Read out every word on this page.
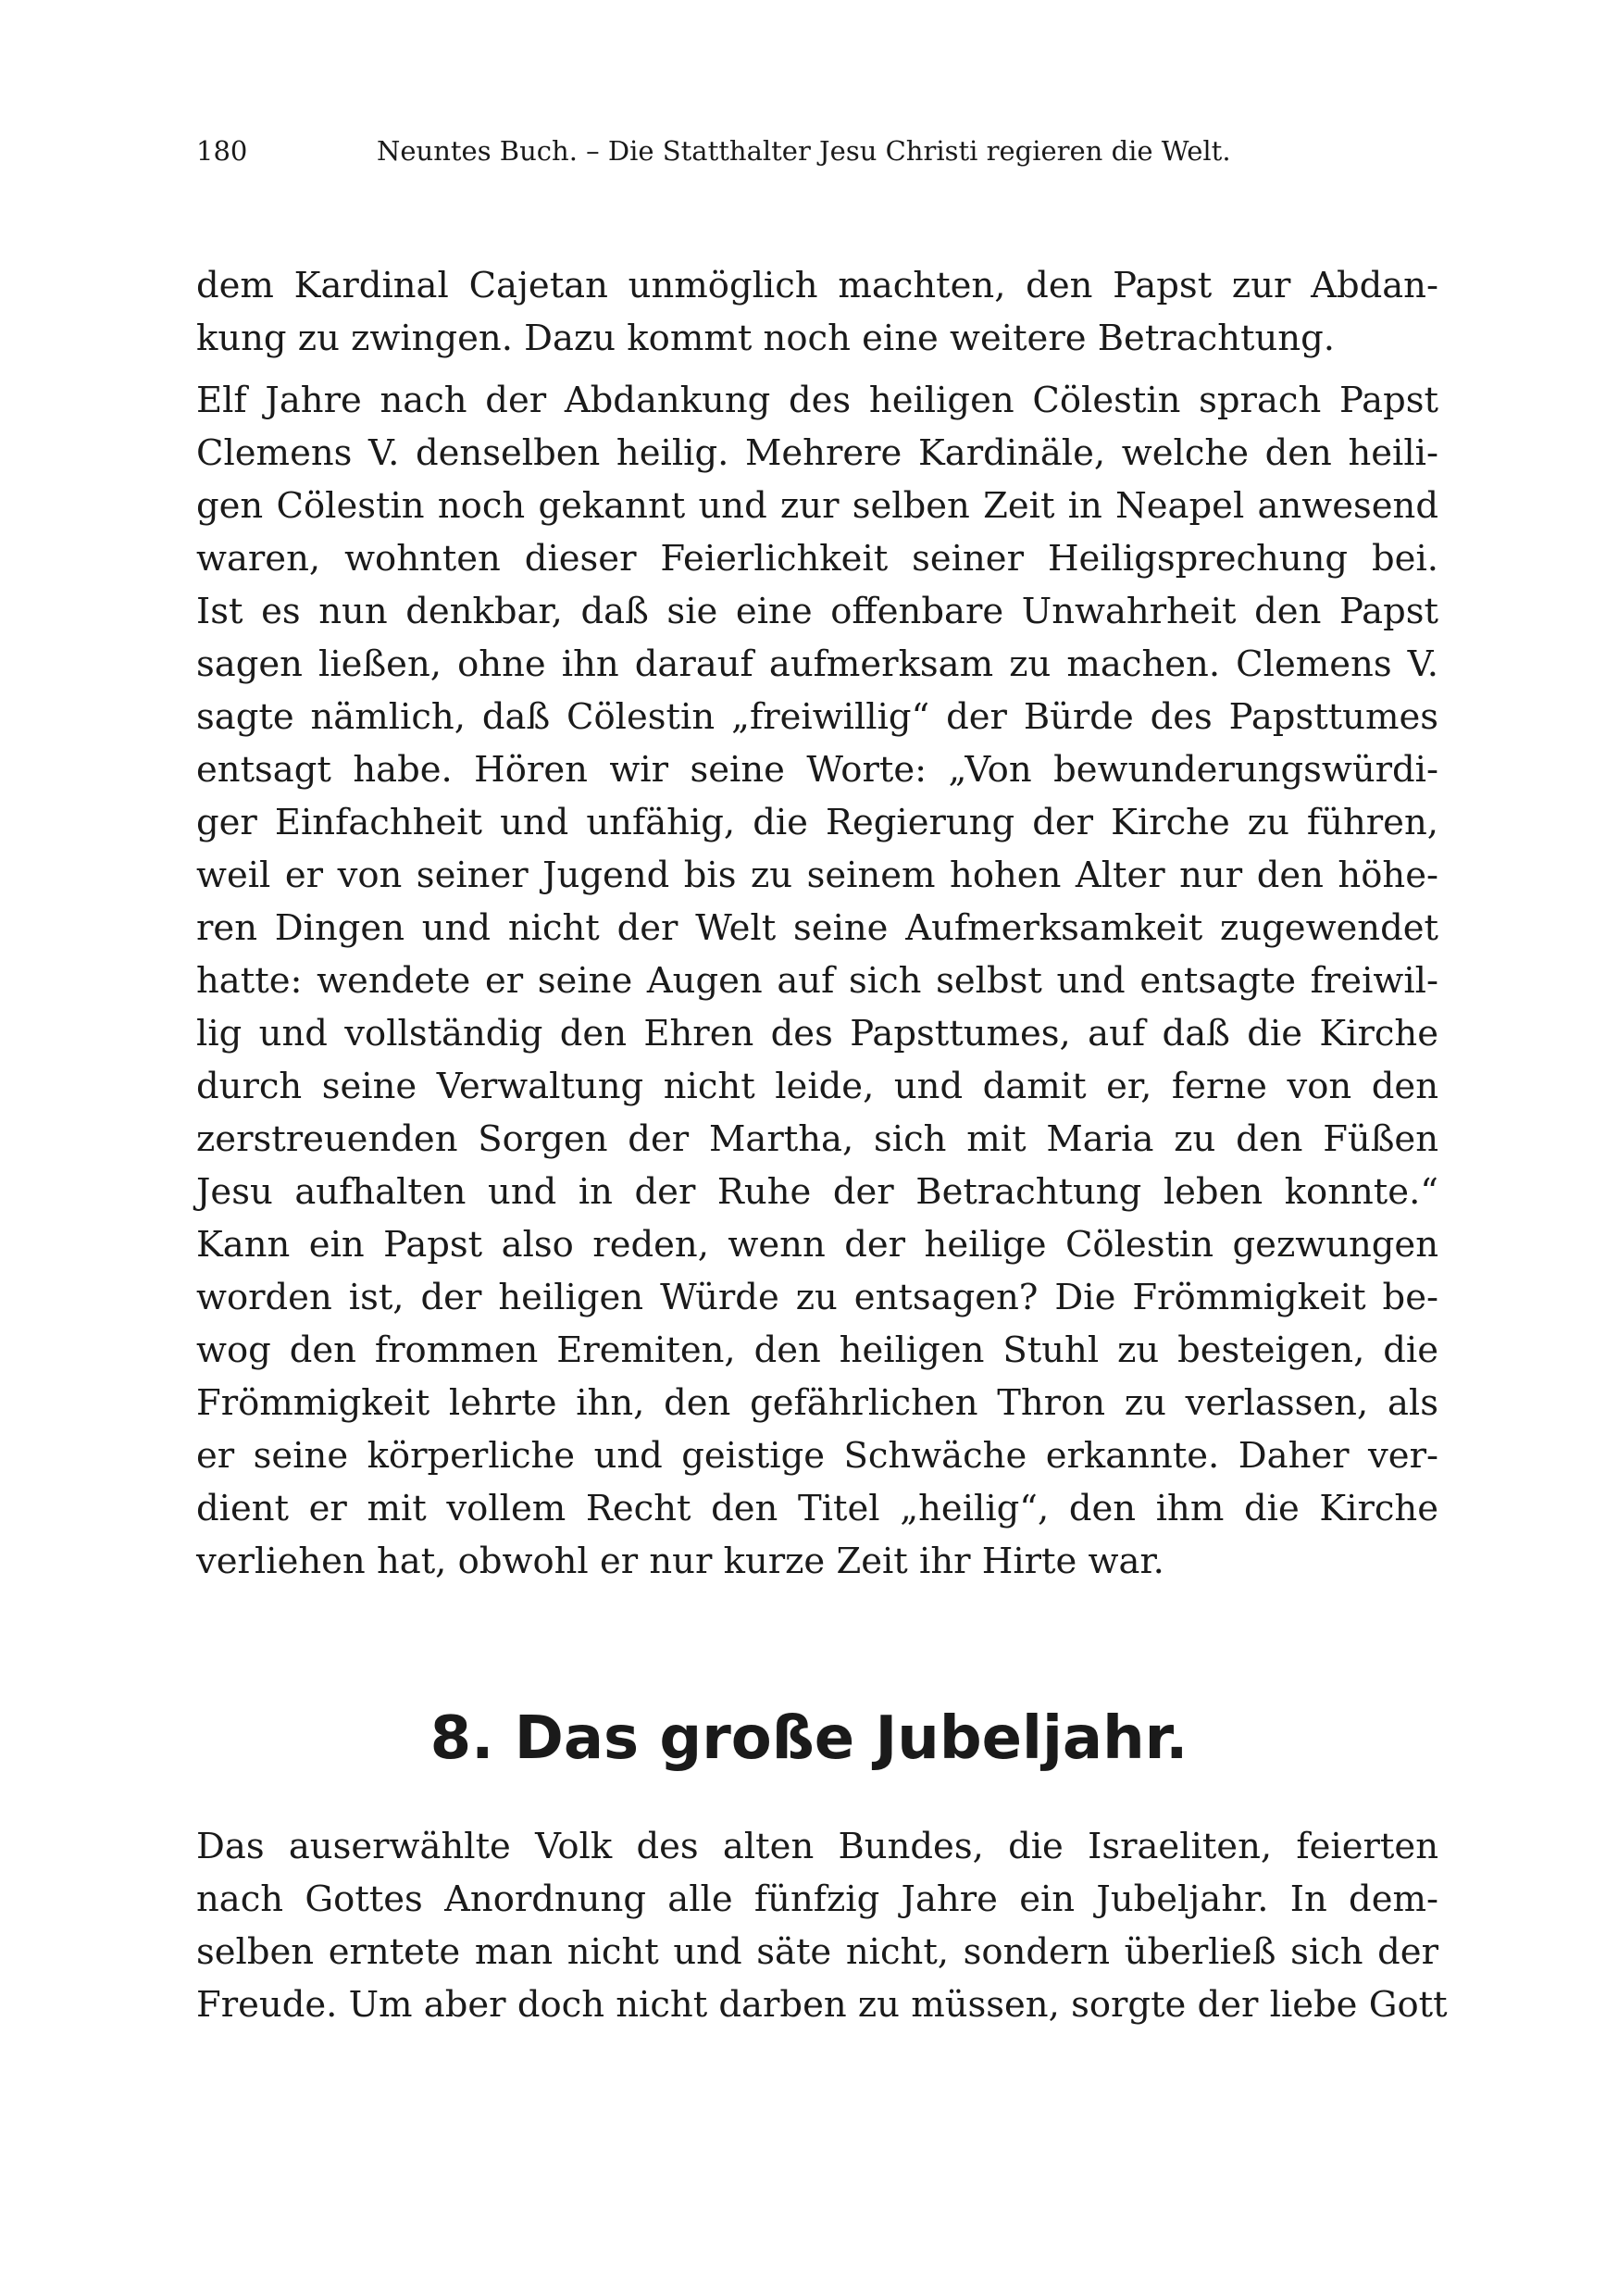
180	Neuntes Buch. – Die Statthalter Jesu Christi regieren die Welt.
dem Kardinal Cajetan unmöglich machten, den Papst zur Abdan-
kung zu zwingen. Dazu kommt noch eine weitere Betrachtung.
Elf Jahre nach der Abdankung des heiligen Cölestin sprach Papst
Clemens V. denselben heilig. Mehrere Kardinäle, welche den heili-
gen Cölestin noch gekannt und zur selben Zeit in Neapel anwesend
waren, wohnten dieser Feierlichkeit seiner Heiligsprechung bei.
Ist es nun denkbar, daß sie eine offenbare Unwahrheit den Papst
sagen ließen, ohne ihn darauf aufmerksam zu machen. Clemens V.
sagte nämlich, daß Cölestin „freiwillig“ der Bürde des Papsttumes
entsagt habe. Hören wir seine Worte: „Von bewunderungswürdi-
ger Einfachheit und unfähig, die Regierung der Kirche zu führen,
weil er von seiner Jugend bis zu seinem hohen Alter nur den höhe-
ren Dingen und nicht der Welt seine Aufmerksamkeit zugewendet
hatte: wendete er seine Augen auf sich selbst und entsagte freiwil-
lig und vollständig den Ehren des Papsttumes, auf daß die Kirche
durch seine Verwaltung nicht leide, und damit er, ferne von den
zerstreuenden Sorgen der Martha, sich mit Maria zu den Füßen
Jesu aufhalten und in der Ruhe der Betrachtung leben konnte.“
Kann ein Papst also reden, wenn der heilige Cölestin gezwungen
worden ist, der heiligen Würde zu entsagen? Die Frömmigkeit be-
wog den frommen Eremiten, den heiligen Stuhl zu besteigen, die
Frömmigkeit lehrte ihn, den gefährlichen Thron zu verlassen, als
er seine körperliche und geistige Schwäche erkannte. Daher ver-
dient er mit vollem Recht den Titel „heilig“, den ihm die Kirche
verliehen hat, obwohl er nur kurze Zeit ihr Hirte war.
8. Das große Jubeljahr.
Das auserwählte Volk des alten Bundes, die Israeliten, feierten
nach Gottes Anordnung alle fünfzig Jahre ein Jubeljahr. In dem-
selben erntete man nicht und säte nicht, sondern überließ sich der
Freude. Um aber doch nicht darben zu müssen, sorgte der liebe Gott
